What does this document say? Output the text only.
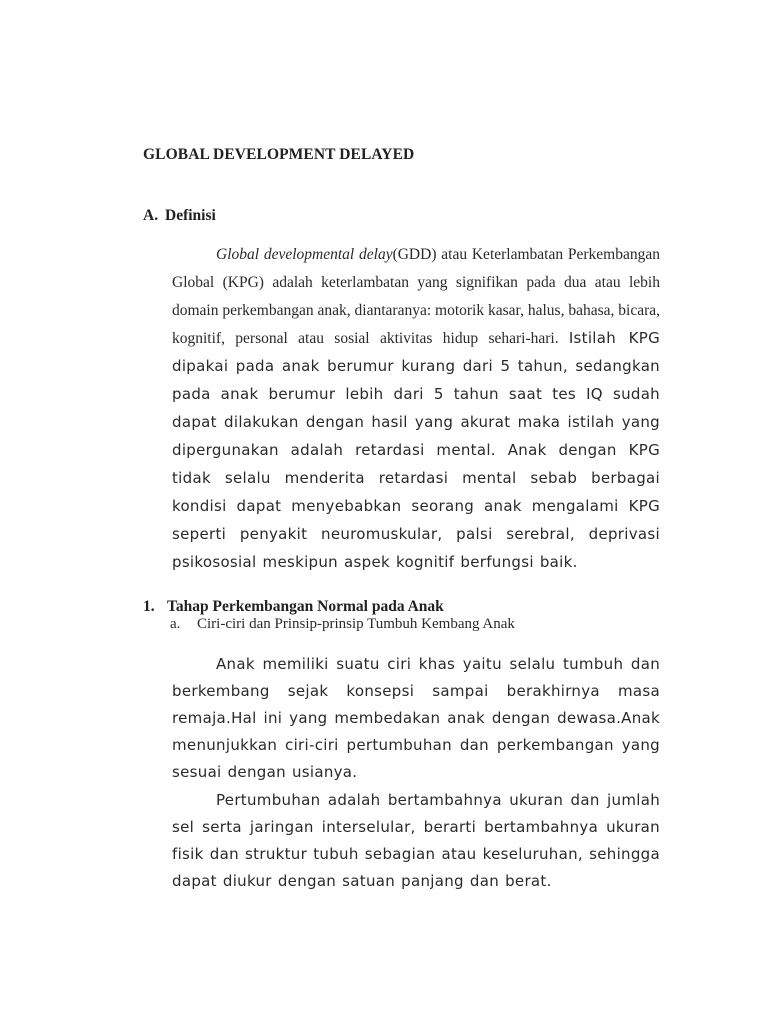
GLOBAL DEVELOPMENT DELAYED
A. Definisi

Global developmental delay(GDD) atau Keterlambatan Perkembangan Global (KPG) adalah keterlambatan yang signifikan pada dua atau lebih domain perkembangan anak, diantaranya: motorik kasar, halus, bahasa, bicara, kognitif, personal atau sosial aktivitas hidup sehari-hari. Istilah KPG dipakai pada anak berumur kurang dari 5 tahun, sedangkan pada anak berumur lebih dari 5 tahun saat tes IQ sudah dapat dilakukan dengan hasil yang akurat maka istilah yang dipergunakan adalah retardasi mental. Anak dengan KPG tidak selalu menderita retardasi mental sebab berbagai kondisi dapat menyebabkan seorang anak mengalami KPG seperti penyakit neuromuskular, palsi serebral, deprivasi psikososial meskipun aspek kognitif berfungsi baik.

1. Tahap Perkembangan Normal pada Anak
a. Ciri-ciri dan Prinsip-prinsip Tumbuh Kembang Anak

Anak memiliki suatu ciri khas yaitu selalu tumbuh dan berkembang sejak konsepsi sampai berakhirnya masa remaja.Hal ini yang membedakan anak dengan dewasa.Anak menunjukkan ciri-ciri pertumbuhan dan perkembangan yang sesuai dengan usianya.

Pertumbuhan adalah bertambahnya ukuran dan jumlah sel serta jaringan interselular, berarti bertambahnya ukuran fisik dan struktur tubuh sebagian atau keseluruhan, sehingga dapat diukur dengan satuan panjang dan berat.
